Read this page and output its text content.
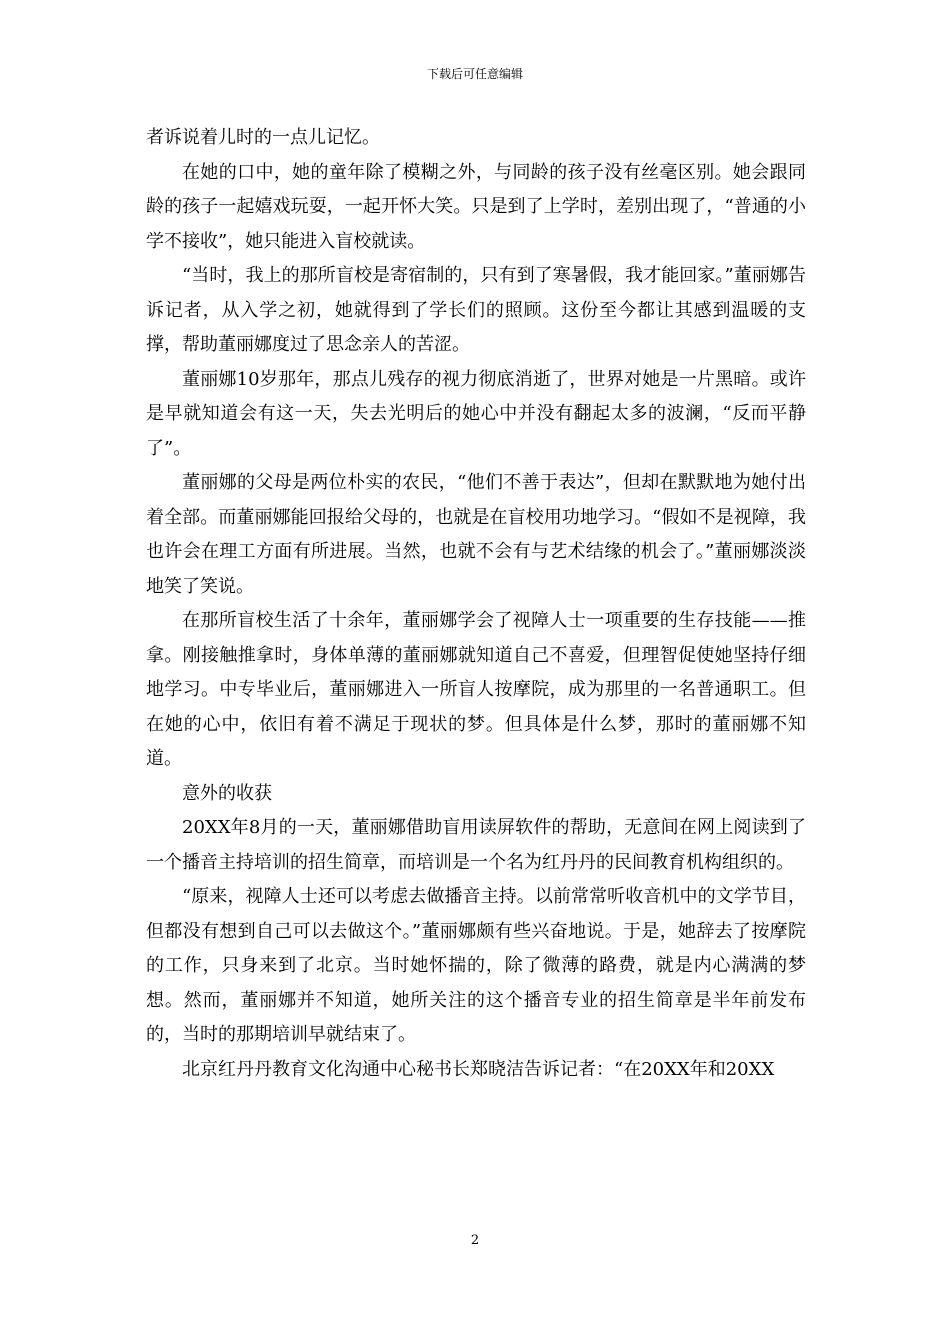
下载后可任意编辑

者诉说着儿时的一点儿记忆。

在她的口中，她的童年除了模糊之外，与同龄的孩子没有丝毫区别。她会跟同龄的孩子一起嬉戏玩耍，一起开怀大笑。只是到了上学时，差别出现了，“普通的小学不接收”，她只能进入盲校就读。

“当时，我上的那所盲校是寄宿制的，只有到了寒暑假，我才能回家。”董丽娜告诉记者，从入学之初，她就得到了学长们的照顾。这份至今都让其感到温暖的支撑，帮助董丽娜度过了思念亲人的苦涩。

董丽娜10岁那年，那点儿残存的视力彻底消逝了，世界对她是一片黑暗。或许是早就知道会有这一天，失去光明后的她心中并没有翻起太多的波澜，“反而平静了”。

董丽娜的父母是两位朴实的农民，“他们不善于表达”，但却在默默地为她付出着全部。而董丽娜能回报给父母的，也就是在盲校用功地学习。“假如不是视障，我也许会在理工方面有所进展。当然，也就不会有与艺术结缘的机会了。”董丽娜淡淡地笑了笑说。

在那所盲校生活了十余年，董丽娜学会了视障人士一项重要的生存技能——推拿。刚接触推拿时，身体单薄的董丽娜就知道自己不喜爱，但理智促使她坚持仔细地学习。中专毕业后，董丽娜进入一所盲人按摩院，成为那里的一名普通职工。但在她的心中，依旧有着不满足于现状的梦。但具体是什么梦，那时的董丽娜不知道。

意外的收获

20XX年8月的一天，董丽娜借助盲用读屏软件的帮助，无意间在网上阅读到了一个播音主持培训的招生简章，而培训是一个名为红丹丹的民间教育机构组织的。

“原来，视障人士还可以考虑去做播音主持。以前常常听收音机中的文学节目，但都没有想到自己可以去做这个。”董丽娜颇有些兴奋地说。于是，她辞去了按摩院的工作，只身来到了北京。当时她怀揣的，除了微薄的路费，就是内心满满的梦想。然而，董丽娜并不知道，她所关注的这个播音专业的招生简章是半年前发布的，当时的那期培训早就结束了。

北京红丹丹教育文化沟通中心秘书长郑晓洁告诉记者：“在20XX年和20XX

2
